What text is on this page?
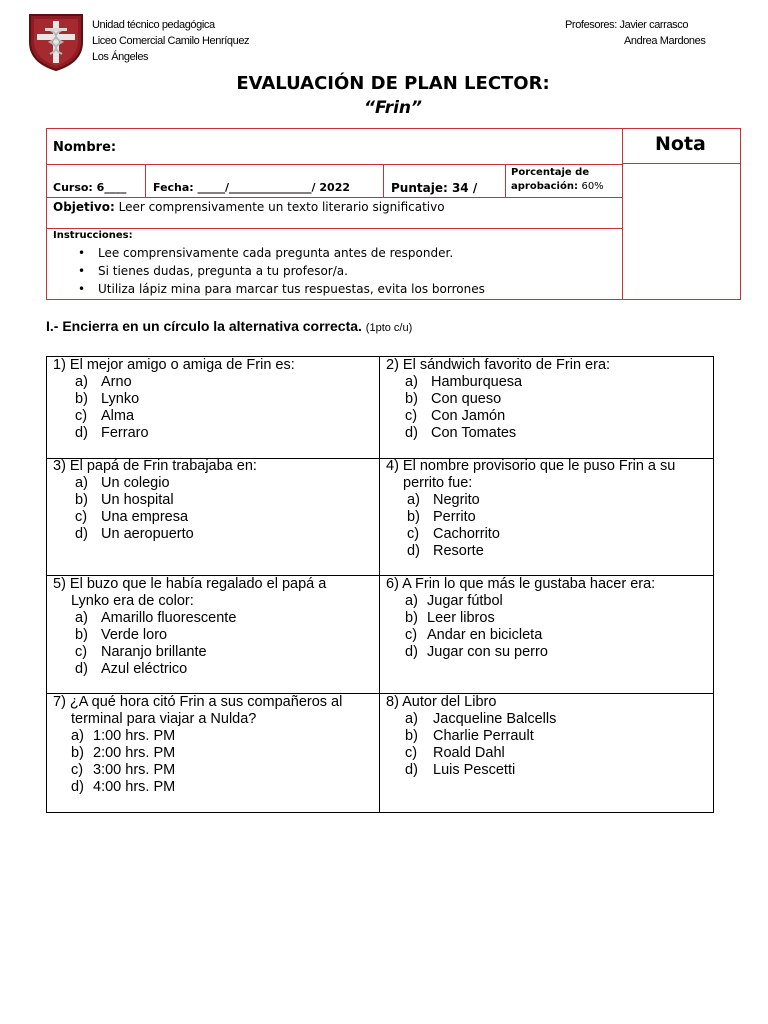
Unidad técnico pedagógica
Liceo Comercial Camilo Henríquez
Los Ángeles
Profesores: Javier carrasco
Andrea Mardones
EVALUACIÓN DE PLAN LECTOR:
“Frin”
Nombre:	Nota
Curso: 6____ Fecha: _____/_______________/ 2022	Puntaje: 34 /
Porcentaje de
aprobación: 60%
Objetivo: Leer comprensivamente un texto literario significativo
Instrucciones:
• Lee comprensivamente cada pregunta antes de responder.
• Si tienes dudas, pregunta a tu profesor/a.
• Utiliza lápiz mina para marcar tus respuestas, evita los borrones
I.- Encierra en un círculo la alternativa correcta. (1pto c/u)
1) El mejor amigo o amiga de Frin es:
a) Arno
b) Lynko
c) Alma
d) Ferraro
2) El sándwich favorito de Frin era:
a) Hamburquesa
b) Con queso
c) Con Jamón
d) Con Tomates
3) El papá de Frin trabajaba en:
a) Un colegio
b) Un hospital
c) Una empresa
d) Un aeropuerto
4) El nombre provisorio que le puso Frin a su
perrito fue:
a) Negrito
b) Perrito
c) Cachorrito
d) Resorte
5) El buzo que le había regalado el papá a
Lynko era de color:
a) Amarillo fluorescente
b) Verde loro
c) Naranjo brillante
d) Azul eléctrico
6) A Frin lo que más le gustaba hacer era:
a) Jugar fútbol
b) Leer libros
c) Andar en bicicleta
d) Jugar con su perro
7) ¿A qué hora citó Frin a sus compañeros al
terminal para viajar a Nulda?
a) 1:00 hrs. PM
b) 2:00 hrs. PM
c) 3:00 hrs. PM
d) 4:00 hrs. PM
8) Autor del Libro
a)	Jacqueline Balcells
b)	Charlie Perrault
c)	Roald Dahl
d)	Luis Pescetti
